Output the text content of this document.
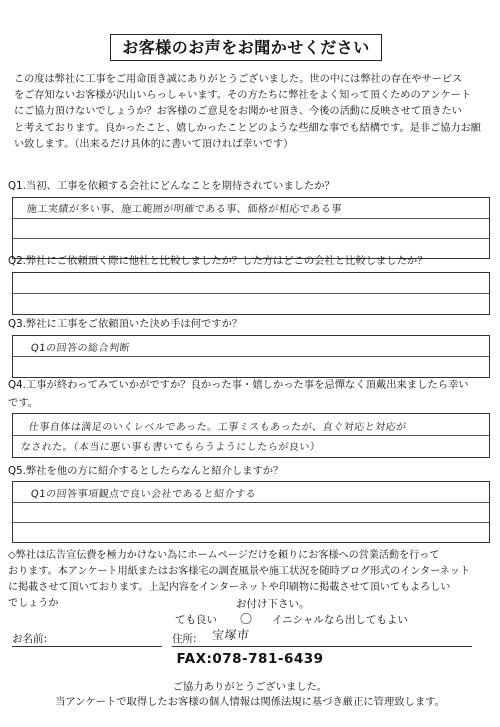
お客様のお声をお聞かせください
この度は弊社に工事をご用命頂き誠にありがとうございました。世の中には弊社の存在やサービス
をご存知ないお客様が沢山いらっしゃいます。その方たちに弊社をよく知って頂くためのアンケート
にご協力頂けないでしょうか？お客様のご意見をお聞かせ頂き、今後の活動に反映させて頂きたい
と考えております。良かったこと、嬉しかったことどのような些細な事でも結構です。是非ご協力お願
い致します。（出来るだけ具体的に書いて頂ければ幸いです）
Q1.当初、工事を依頼する会社にどんなことを期待されていましたか？
施工実績が多い事、施工範囲が明確である事、価格が相応である事
Q2.弊社にご依頼頂く際に他社と比較しましたか？した方はどこの会社と比較しましたか？
Q3.弊社に工事をご依頼頂いた決め手は何ですか？
Q1の回答の総合判断
Q4.工事が終わってみていかがですか？良かった事・嬉しかった事を忌憚なく頂戴出来ましたら幸い
です。
仕事自体は満足のいくレベルであった。工事ミスもあったが、直ぐ対応と対応が
なされた。（本当に悪い事も書いてもらうようにしたらが良い）
Q5.弊社を他の方に紹介するとしたらなんと紹介しますか？
Q1の回答事項観点で良い会社であると紹介する
◇弊社は広告宣伝費を極力かけない為にホームページだけを頼りにお客様への営業活動を行って
おります。本アンケート用紙またはお客様宅の調査風景や施工状況を随時ブログ形式のインターネット
に掲載させて頂いております。上記内容をインターネットや印刷物に掲載させて頂いてもよろしい
でしょうか	お付け下さい。
ても良い 〇 イニシャルなら出してもよい
お名前:	住所: 宝塚市
FAX:078-781-6439
ご協力ありがとうございました。
当アンケートで取得したお客様の個人情報は関係法規に基づき厳正に管理致します。
